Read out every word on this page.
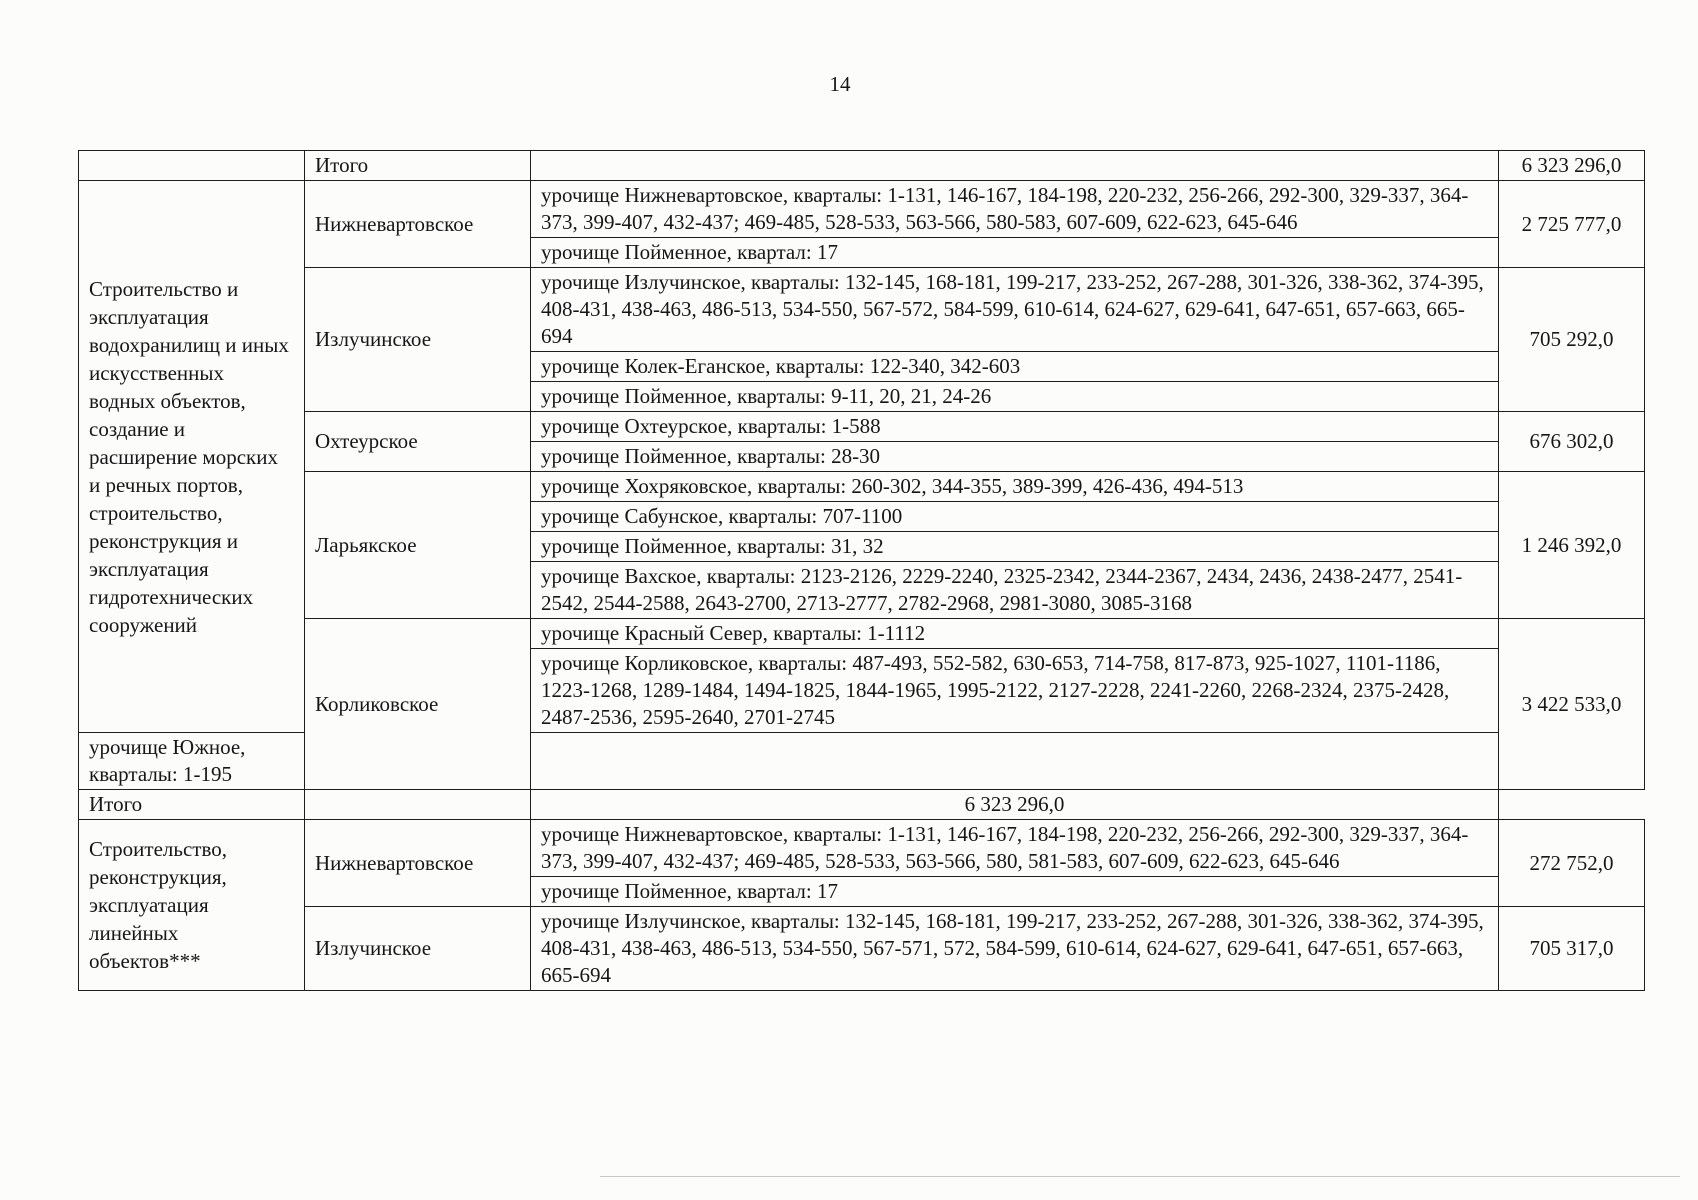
14
	Итого		6 323 296,0
Строительство и эксплуатация водохранилищ и иных искусственных водных объектов, создание и расширение морских и речных портов, строительство, реконструкция и эксплуатация гидротехнических сооружений	Нижневартовское	урочище Нижневартовское, кварталы: 1-131, 146-167, 184-198, 220-232, 256-266, 292-300, 329-337, 364-373, 399-407, 432-437; 469-485, 528-533, 563-566, 580-583, 607-609, 622-623, 645-646	2 725 777,0
		урочище Пойменное, квартал: 17	
	Излучинское	урочище Излучинское, кварталы: 132-145, 168-181, 199-217, 233-252, 267-288, 301-326, 338-362, 374-395, 408-431, 438-463, 486-513, 534-550, 567-572, 584-599, 610-614, 624-627, 629-641, 647-651, 657-663, 665-694	705 292,0
		урочище Колек-Еганское, кварталы: 122-340, 342-603	
		урочище Пойменное, кварталы: 9-11, 20, 21, 24-26	
	Охтеурское	урочище Охтеурское, кварталы: 1-588	676 302,0
		урочище Пойменное, кварталы: 28-30	
	Ларьякское	урочище Хохряковское, кварталы: 260-302, 344-355, 389-399, 426-436, 494-513	1 246 392,0
		урочище Сабунское, кварталы: 707-1100	
		урочище Пойменное, кварталы: 31, 32	
		урочище Вахское, кварталы: 2123-2126, 2229-2240, 2325-2342, 2344-2367, 2434, 2436, 2438-2477, 2541-2542, 2544-2588, 2643-2700, 2713-2777, 2782-2968, 2981-3080, 3085-3168	
	Корликовское	урочище Красный Север, кварталы: 1-1112	3 422 533,0
		урочище Корликовское, кварталы: 487-493, 552-582, 630-653, 714-758, 817-873, 925-1027, 1101-1186, 1223-1268, 1289-1484, 1494-1825, 1844-1965, 1995-2122, 2127-2228, 2241-2260, 2268-2324, 2375-2428, 2487-2536, 2595-2640, 2701-2745	
урочище Южное, кварталы: 1-195			
Итого		6 323 296,0	
Строительство, реконструкция, эксплуатация линейных объектов***	Нижневартовское	урочище Нижневартовское, кварталы: 1-131, 146-167, 184-198, 220-232, 256-266, 292-300, 329-337, 364-373, 399-407, 432-437; 469-485, 528-533, 563-566, 580, 581-583, 607-609, 622-623, 645-646	272 752,0
		урочище Пойменное, квартал: 17	
	Излучинское	урочище Излучинское, кварталы: 132-145, 168-181, 199-217, 233-252, 267-288, 301-326, 338-362, 374-395, 408-431, 438-463, 486-513, 534-550, 567-571, 572, 584-599, 610-614, 624-627, 629-641, 647-651, 657-663, 665-694	705 317,0
